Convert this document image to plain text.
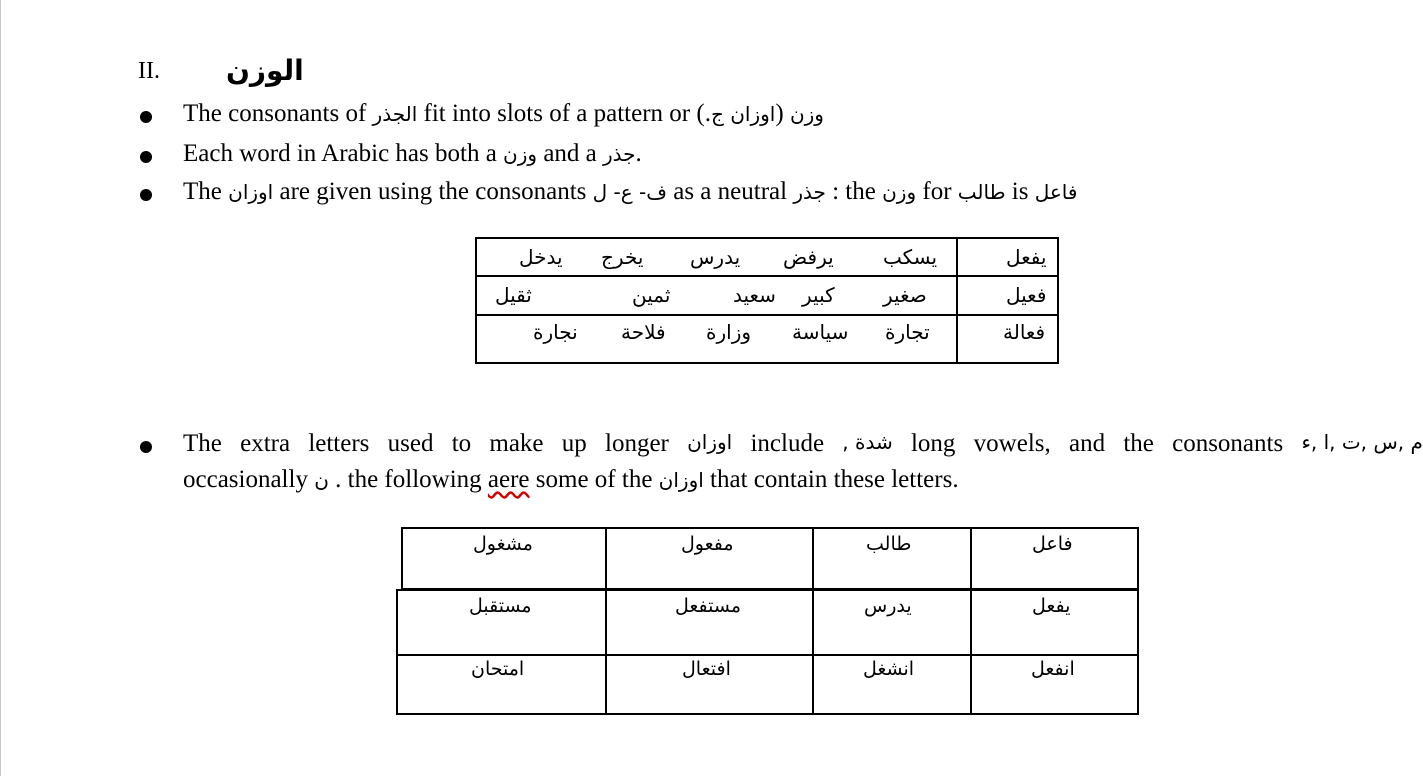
II. الوزن
The consonants of الجذر fit into slots of a pattern or	وزن (اوزان ج.)
Each word in Arabic has both a وزن and a جذر.
The اوزان are given using the consonants ف- ع- ل as a neutral جذر : the وزن for طالب is فاعل
يفعل
يسكب
يرفض
يدرس
يخرج
يدخل
فعيل
صغير
كبير
سعيد
ثمين
ثقيل
فعالة
تجارة
سياسة
وزارة
فلاحة
نجارة
The extra letters used to make up longer اوزان include شدة , long vowels, and the consonants م ,س ,ت ,ا ,ء
occasionally ن . the following aere some of the اوزان that contain these letters.
فاعل
طالب
مفعول
مشغول
يفعل
يدرس
مستفعل
مستقبل
انفعل
انشغل
افتعال
امتحان
